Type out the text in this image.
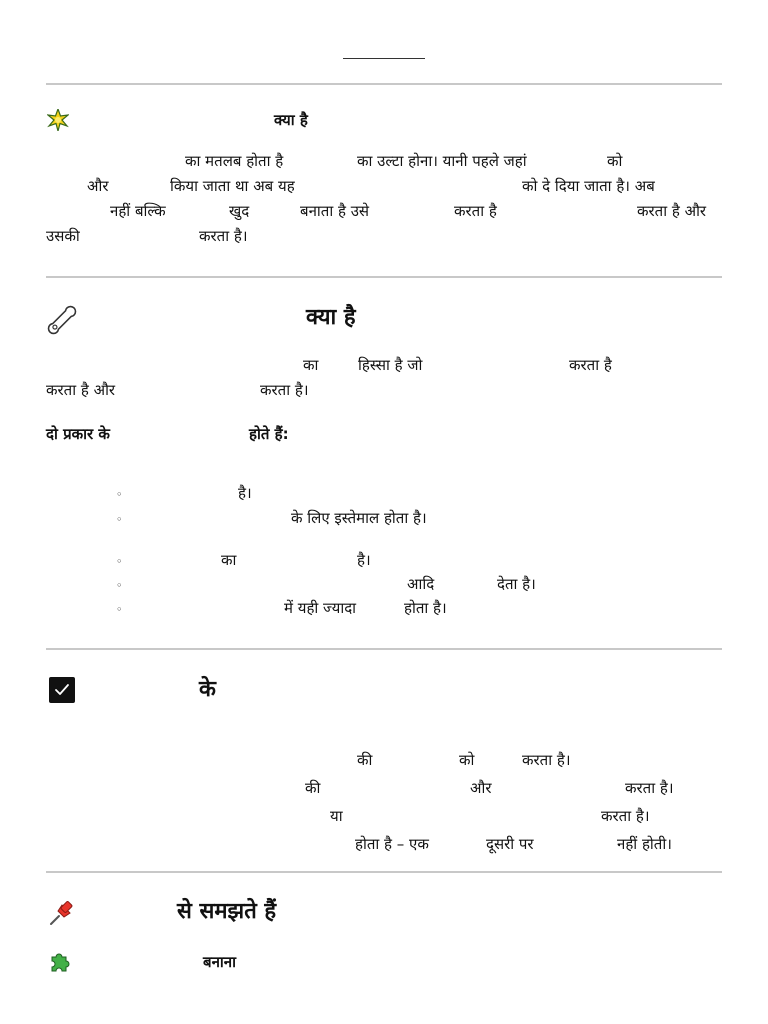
क्या है
का मतलब होता है	का उल्टा होना। यानी पहले जहां	को
और	किया जाता था अब यह	को दे दिया जाता है। अब
नहीं बल्कि	खुद	बनाता है उसे	करता है	करता है और
उसकी	करता है।
क्या है
का	हिस्सा है जो	करता है
करता है और	करता है।
दो प्रकार के	होते हैं:
◦	है।
◦	के लिए इस्तेमाल होता है।
◦	का	है।
◦	आदि	देता है।
◦	में यही ज्यादा	होता है।
के
की	को	करता है।
की	और	करता है।
या	करता है।
होता है – एक	दूसरी पर	नहीं होती।
से समझते हैं
बनाना
